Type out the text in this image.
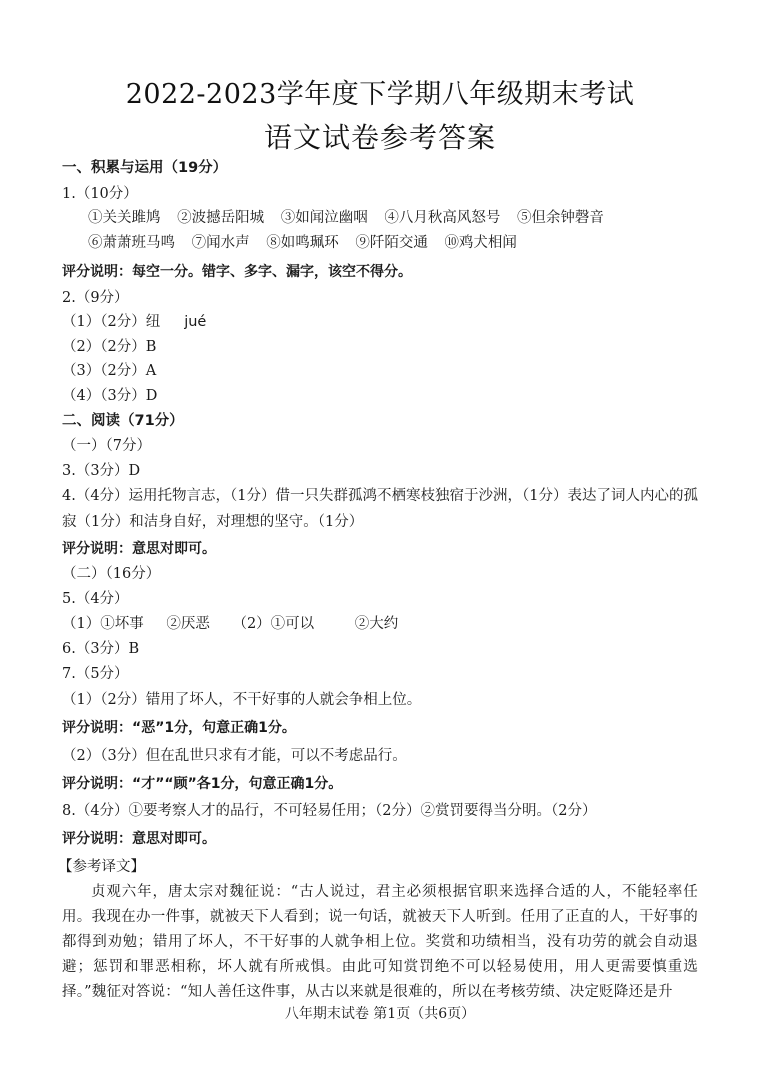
2022-2023学年度下学期八年级期末考试
语文试卷参考答案
一、积累与运用（19分）
1.（10分）
①关关雎鸠 ②波撼岳阳城 ③如闻泣幽咽 ④八月秋高风怒号 ⑤但余钟磬音
⑥萧萧班马鸣 ⑦闻水声 ⑧如鸣珮环 ⑨阡陌交通 ⑩鸡犬相闻
评分说明：每空一分。错字、多字、漏字，该空不得分。
2.（9分）
（1）（2分）纽 jué
（2）（2分）B
（3）（2分）A
（4）（3分）D
二、阅读（71分）
（一）（7分）
3.（3分）D
4.（4分）运用托物言志，（1分）借一只失群孤鸿不栖寒枝独宿于沙洲，（1分）表达了词人内心的孤寂（1分）和洁身自好，对理想的坚守。（1分）
评分说明：意思对即可。
（二）（16分）
5.（4分）
（1）①坏事 ②厌恶 （2）①可以	②大约
6.（3分）B
7.（5分）
（1）（2分）错用了坏人，不干好事的人就会争相上位。
评分说明：“恶”1分，句意正确1分。
（2）（3分）但在乱世只求有才能，可以不考虑品行。
评分说明：“才”“顾”各1分，句意正确1分。
8.（4分）①要考察人才的品行，不可轻易任用；（2分）②赏罚要得当分明。（2分）
评分说明：意思对即可。
【参考译文】
贞观六年，唐太宗对魏征说：“古人说过，君主必须根据官职来选择合适的人，不能轻率任用。我现在办一件事，就被天下人看到；说一句话，就被天下人听到。任用了正直的人，干好事的都得到劝勉；错用了坏人，不干好事的人就争相上位。奖赏和功绩相当，没有功劳的就会自动退避；惩罚和罪恶相称，坏人就有所戒惧。由此可知赏罚绝不可以轻易使用，用人更需要慎重选择。”魏征对答说：“知人善任这件事，从古以来就是很难的，所以在考核劳绩、决定贬降还是升
八年期末试卷 第1页（共6页）
